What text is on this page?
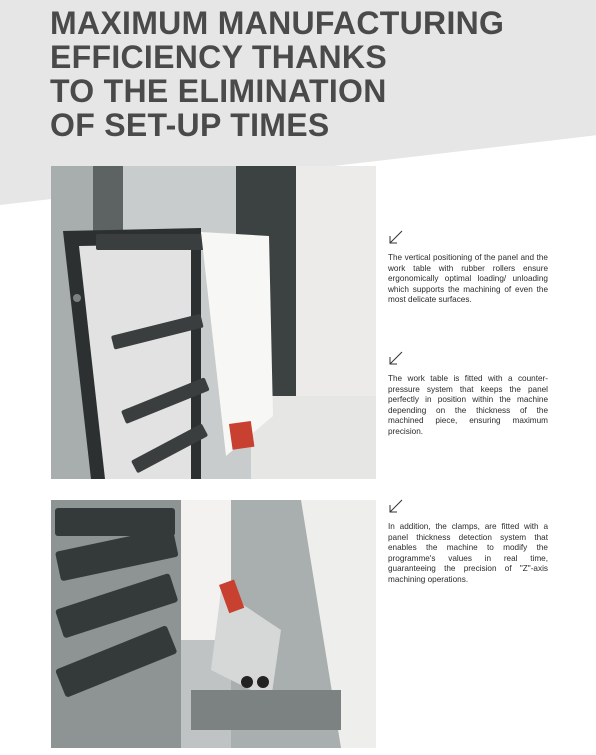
MAXIMUM MANUFACTURING
EFFICIENCY THANKS
TO THE ELIMINATION
OF SET-UP TIMES

The vertical positioning of the panel and the work table with rubber rollers ensure ergonomically optimal loading/ unloading which supports the machining of even the most delicate surfaces.

The work table is fitted with a counter-pressure system that keeps the panel perfectly in position within the machine depending on the thickness of the machined piece, ensuring maximum precision.

In addition, the clamps, are fitted with a panel thickness detection system that enables the machine to modify the programme's values in real time, guaranteeing the precision of "Z"-axis machining operations.
